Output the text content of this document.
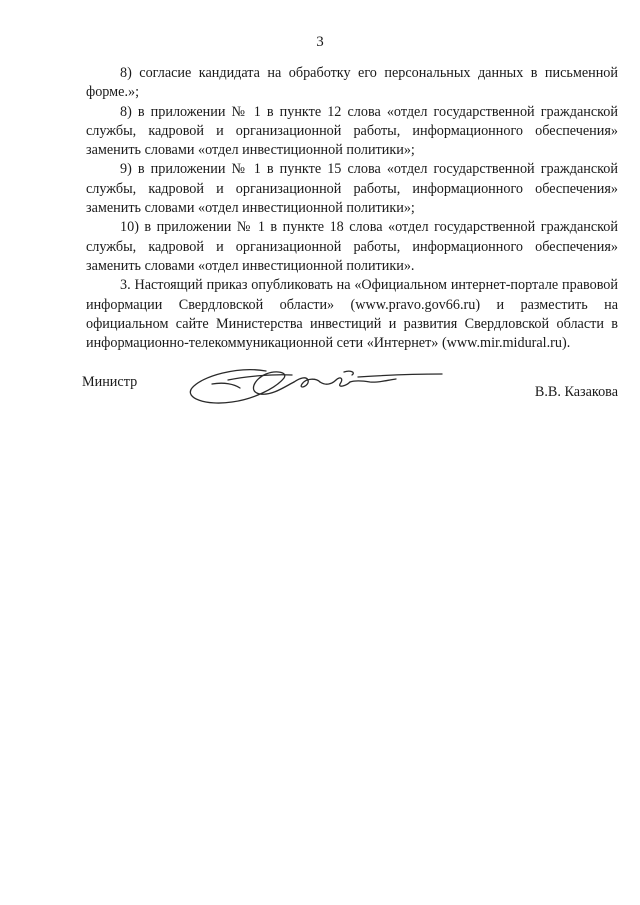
3

8) согласие кандидата на обработку его персональных данных в письменной форме.»;

8) в приложении № 1 в пункте 12 слова «отдел государственной гражданской службы, кадровой и организационной работы, информационного обеспечения» заменить словами «отдел инвестиционной политики»;

9) в приложении № 1 в пункте 15 слова «отдел государственной гражданской службы, кадровой и организационной работы, информационного обеспечения» заменить словами «отдел инвестиционной политики»;

10) в приложении № 1 в пункте 18 слова «отдел государственной гражданской службы, кадровой и организационной работы, информационного обеспечения» заменить словами «отдел инвестиционной политики».

3. Настоящий приказ опубликовать на «Официальном интернет-портале правовой информации Свердловской области» (www.pravo.gov66.ru) и разместить на официальном сайте Министерства инвестиций и развития Свердловской области в информационно-телекоммуникационной сети «Интернет» (www.mir.midural.ru).

Министр
В.В. Казакова
